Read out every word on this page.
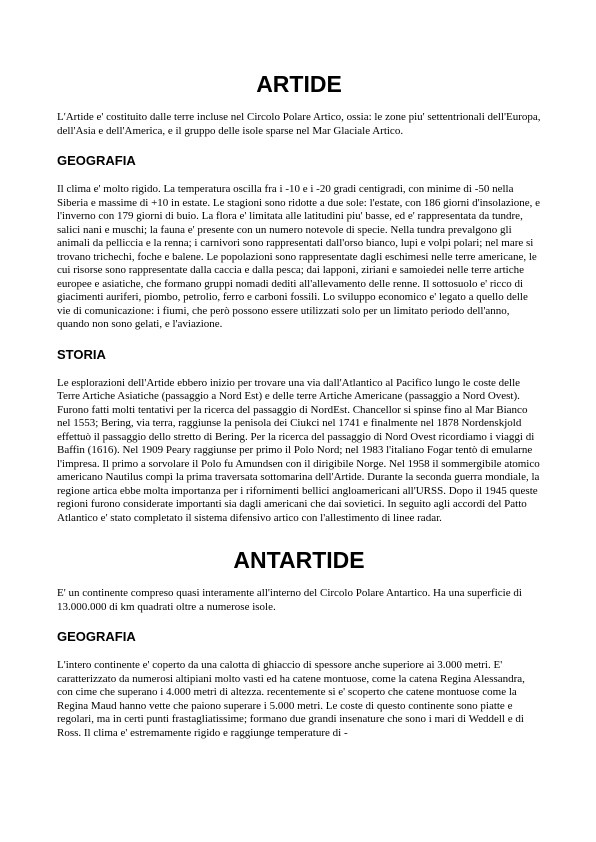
ARTIDE

L'Artide e' costituito dalle terre incluse nel Circolo Polare Artico, ossia: le zone piu' settentrionali dell'Europa, dell'Asia e dell'America, e il gruppo delle isole sparse nel Mar Glaciale Artico.

GEOGRAFIA

Il clima e' molto rigido. La temperatura oscilla fra i -10 e i -20 gradi centigradi, con minime di -50 nella Siberia e massime di +10 in estate. Le stagioni sono ridotte a due sole: l'estate, con 186 giorni d'insolazione, e l'inverno con 179 giorni di buio. La flora e' limitata alle latitudini piu' basse, ed e' rappresentata da tundre, salici nani e muschi; la fauna e' presente con un numero notevole di specie. Nella tundra prevalgono gli animali da pelliccia e la renna; i carnivori sono rappresentati dall'orso bianco, lupi e volpi polari; nel mare si trovano trichechi, foche e balene. Le popolazioni sono rappresentate dagli eschimesi nelle terre americane, le cui risorse sono rappresentate dalla caccia e dalla pesca; dai lapponi, ziriani e samoiedei nelle terre artiche europee e asiatiche, che formano gruppi nomadi dediti all'allevamento delle renne. Il sottosuolo e' ricco di giacimenti auriferi, piombo, petrolio, ferro e carboni fossili. Lo sviluppo economico e' legato a quello delle vie di comunicazione: i fiumi, che però possono essere utilizzati solo per un limitato periodo dell'anno, quando non sono gelati, e l'aviazione.

STORIA

Le esplorazioni dell'Artide ebbero inizio per trovare una via dall'Atlantico al Pacifico lungo le coste delle Terre Artiche Asiatiche (passaggio a Nord Est) e delle terre Artiche Americane (passaggio a Nord Ovest). Furono fatti molti tentativi per la ricerca del passaggio di NordEst. Chancellor si spinse fino al Mar Bianco nel 1553; Bering, via terra, raggiunse la penisola dei Ciukci nel 1741 e finalmente nel 1878 Nordenskjold effettuò il passaggio dello stretto di Bering. Per la ricerca del passaggio di Nord Ovest ricordiamo i viaggi di Baffin (1616). Nel 1909 Peary raggiunse per primo il Polo Nord; nel 1983 l'italiano Fogar tentò di emularne l'impresa. Il primo a sorvolare il Polo fu Amundsen con il dirigibile Norge. Nel 1958 il sommergibile atomico americano Nautilus compì la prima traversata sottomarina dell'Artide. Durante la seconda guerra mondiale, la regione artica ebbe molta importanza per i rifornimenti bellici angloamericani all'URSS. Dopo il 1945 queste regioni furono considerate importanti sia dagli americani che dai sovietici. In seguito agli accordi del Patto Atlantico e' stato completato il sistema difensivo artico con l'allestimento di linee radar.

ANTARTIDE

E' un continente compreso quasi interamente all'interno del Circolo Polare Antartico. Ha una superficie di 13.000.000 di km quadrati oltre a numerose isole.

GEOGRAFIA

L'intero continente e' coperto da una calotta di ghiaccio di spessore anche superiore ai 3.000 metri. E' caratterizzato da numerosi altipiani molto vasti ed ha catene montuose, come la catena Regina Alessandra, con cime che superano i 4.000 metri di altezza. recentemente si e' scoperto che catene montuose come la Regina Maud hanno vette che paiono superare i 5.000 metri. Le coste di questo continente sono piatte e regolari, ma in certi punti frastagliatissime; formano due grandi insenature che sono i mari di Weddell e di Ross. Il clima e' estremamente rigido e raggiunge temperature di -
